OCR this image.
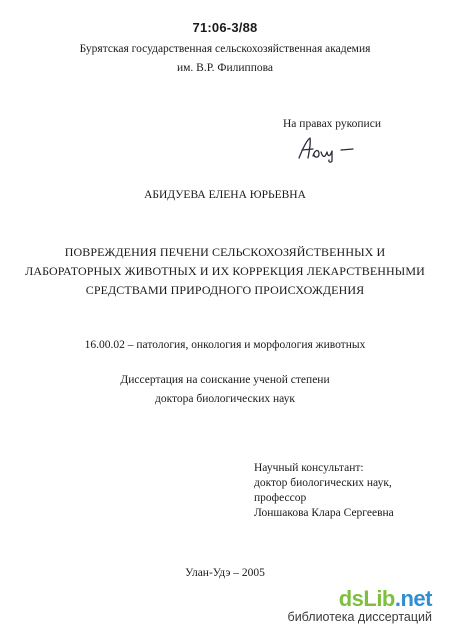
71:06-3/88
Бурятская государственная сельскохозяйственная академия
им. В.Р. Филиппова
На правах рукописи
АБИДУЕВА ЕЛЕНА ЮРЬЕВНА
ПОВРЕЖДЕНИЯ ПЕЧЕНИ СЕЛЬСКОХОЗЯЙСТВЕННЫХ И
ЛАБОРАТОРНЫХ ЖИВОТНЫХ И ИХ КОРРЕКЦИЯ ЛЕКАРСТВЕННЫМИ
СРЕДСТВАМИ ПРИРОДНОГО ПРОИСХОЖДЕНИЯ
16.00.02 – патология, онкология и морфология животных
Диссертация на соискание ученой степени
доктора биологических наук
Научный консультант:
доктор биологических наук,
профессор
Лоншакова Клара Сергеевна
Улан-Удэ – 2005
dsLib.net
библиотека диссертаций
